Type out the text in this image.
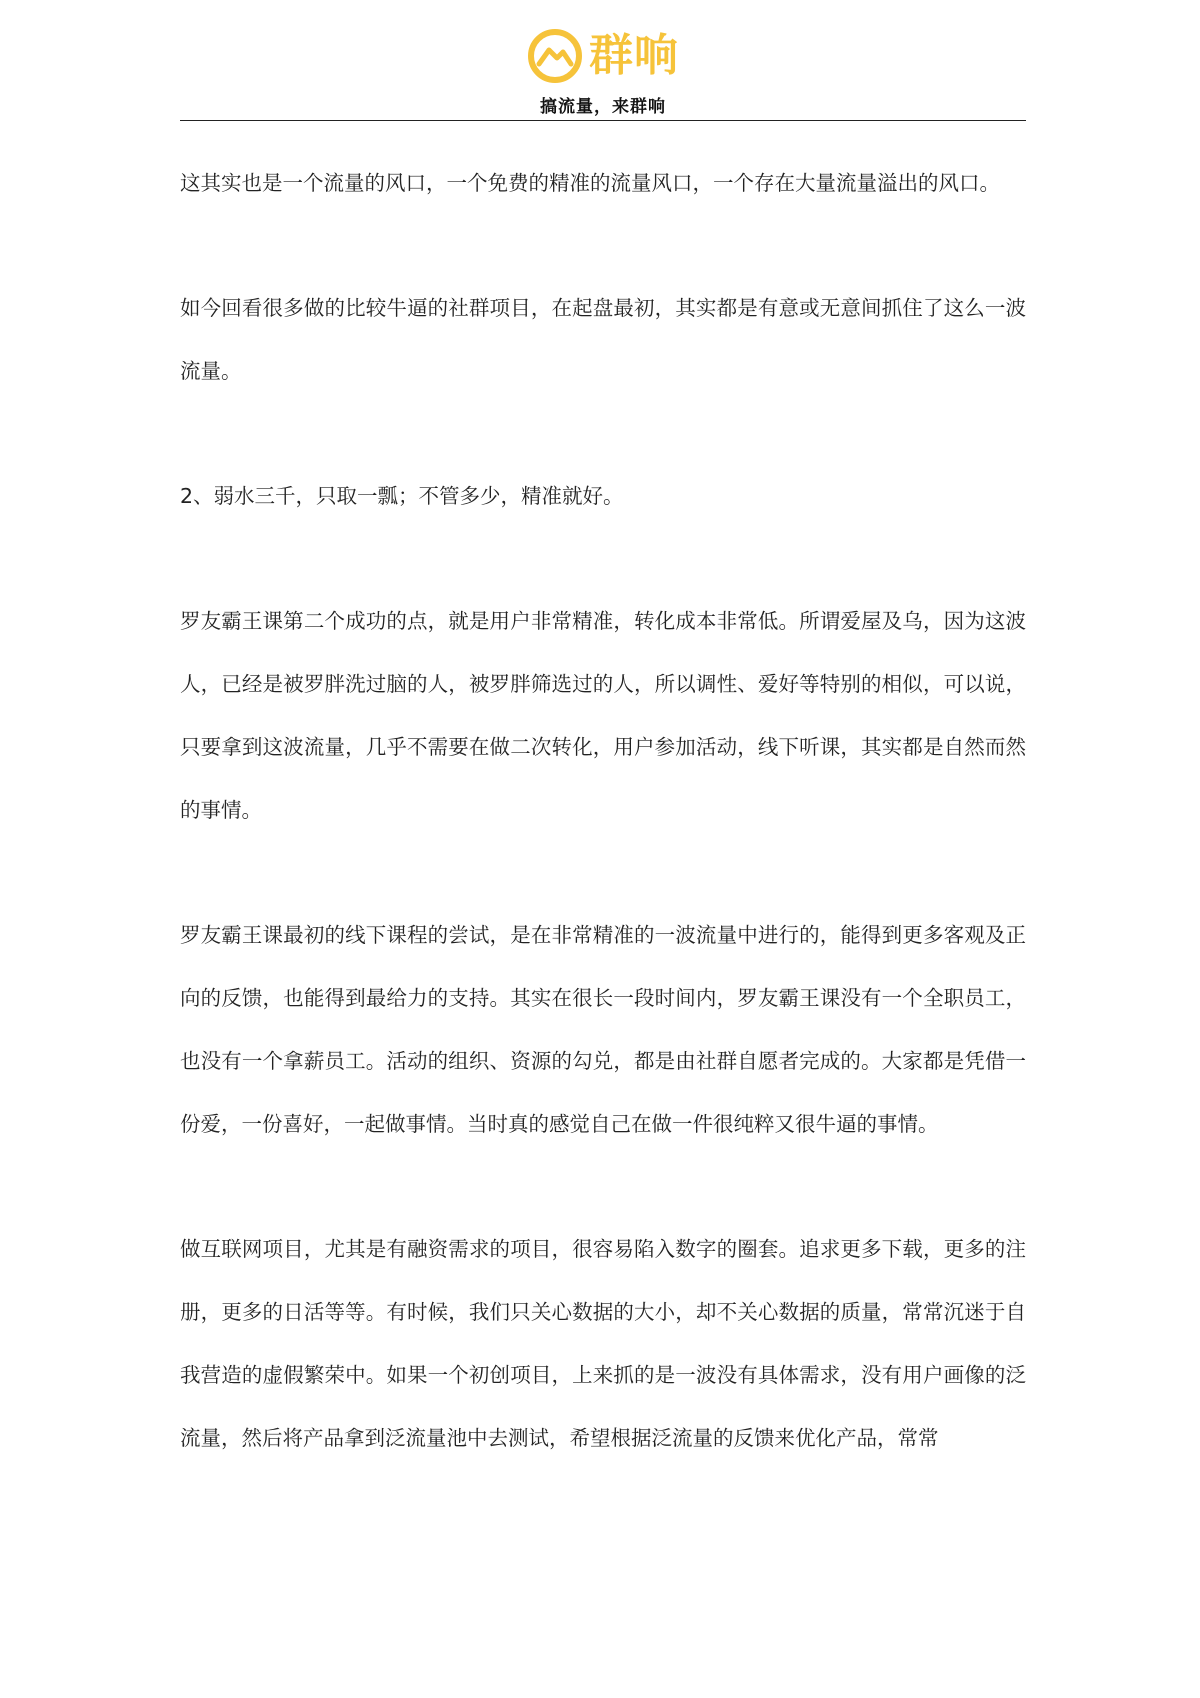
群响
搞流量，来群响

这其实也是一个流量的风口，一个免费的精准的流量风口，一个存在大量流量溢出的风口。

如今回看很多做的比较牛逼的社群项目，在起盘最初，其实都是有意或无意间抓住了这么一波流量。

2、弱水三千，只取一瓢；不管多少，精准就好。

罗友霸王课第二个成功的点，就是用户非常精准，转化成本非常低。所谓爱屋及乌，因为这波人，已经是被罗胖洗过脑的人，被罗胖筛选过的人，所以调性、爱好等特别的相似，可以说，只要拿到这波流量，几乎不需要在做二次转化，用户参加活动，线下听课，其实都是自然而然的事情。

罗友霸王课最初的线下课程的尝试，是在非常精准的一波流量中进行的，能得到更多客观及正向的反馈，也能得到最给力的支持。其实在很长一段时间内，罗友霸王课没有一个全职员工，也没有一个拿薪员工。活动的组织、资源的勾兑，都是由社群自愿者完成的。大家都是凭借一份爱，一份喜好，一起做事情。当时真的感觉自己在做一件很纯粹又很牛逼的事情。

做互联网项目，尤其是有融资需求的项目，很容易陷入数字的圈套。追求更多下载，更多的注册，更多的日活等等。有时候，我们只关心数据的大小，却不关心数据的质量，常常沉迷于自我营造的虚假繁荣中。如果一个初创项目，上来抓的是一波没有具体需求，没有用户画像的泛流量，然后将产品拿到泛流量池中去测试，希望根据泛流量的反馈来优化产品，常常
